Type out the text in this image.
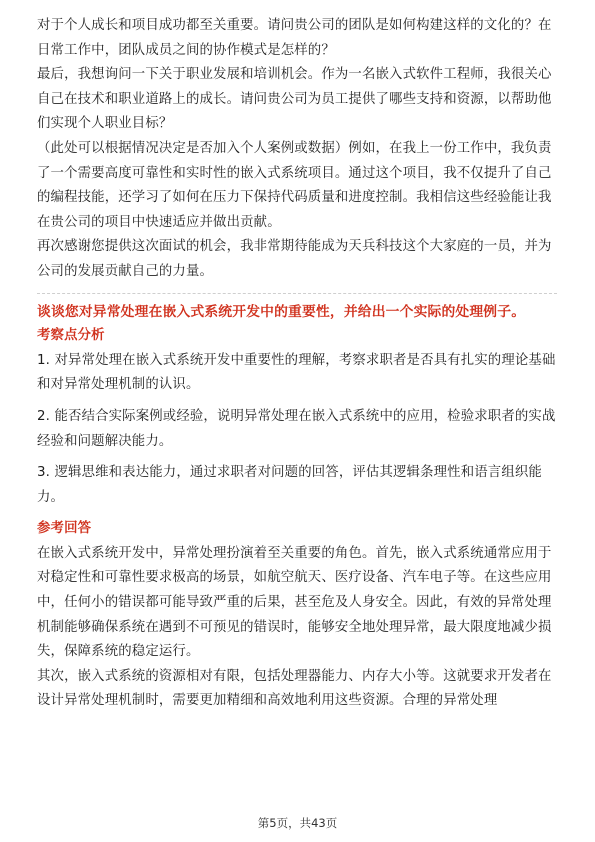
对于个人成长和项目成功都至关重要。请问贵公司的团队是如何构建这样的文化的？在日常工作中，团队成员之间的协作模式是怎样的？

最后，我想询问一下关于职业发展和培训机会。作为一名嵌入式软件工程师，我很关心自己在技术和职业道路上的成长。请问贵公司为员工提供了哪些支持和资源，以帮助他们实现个人职业目标？

（此处可以根据情况决定是否加入个人案例或数据）例如，在我上一份工作中，我负责了一个需要高度可靠性和实时性的嵌入式系统项目。通过这个项目，我不仅提升了自己的编程技能，还学习了如何在压力下保持代码质量和进度控制。我相信这些经验能让我在贵公司的项目中快速适应并做出贡献。

再次感谢您提供这次面试的机会，我非常期待能成为天兵科技这个大家庭的一员，并为公司的发展贡献自己的力量。

谈谈您对异常处理在嵌入式系统开发中的重要性，并给出一个实际的处理例子。

考察点分析

1. 对异常处理在嵌入式系统开发中重要性的理解，考察求职者是否具有扎实的理论基础和对异常处理机制的认识。

2. 能否结合实际案例或经验，说明异常处理在嵌入式系统中的应用，检验求职者的实战经验和问题解决能力。

3. 逻辑思维和表达能力，通过求职者对问题的回答，评估其逻辑条理性和语言组织能力。

参考回答

在嵌入式系统开发中，异常处理扮演着至关重要的角色。首先，嵌入式系统通常应用于对稳定性和可靠性要求极高的场景，如航空航天、医疗设备、汽车电子等。在这些应用中，任何小的错误都可能导致严重的后果，甚至危及人身安全。因此，有效的异常处理机制能够确保系统在遇到不可预见的错误时，能够安全地处理异常，最大限度地减少损失，保障系统的稳定运行。

其次，嵌入式系统的资源相对有限，包括处理器能力、内存大小等。这就要求开发者在设计异常处理机制时，需要更加精细和高效地利用这些资源。合理的异常处理

第5页，共43页
